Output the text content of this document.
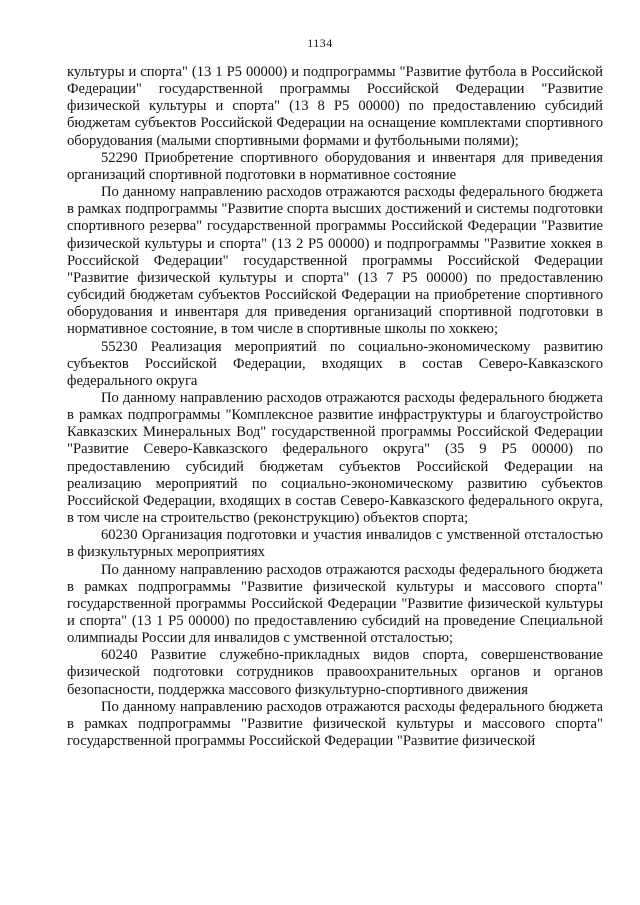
1134

культуры и спорта" (13 1 Р5 00000) и подпрограммы "Развитие футбола в Российской Федерации" государственной программы Российской Федерации "Развитие физической культуры и спорта" (13 8 Р5 00000) по предоставлению субсидий бюджетам субъектов Российской Федерации на оснащение комплектами спортивного оборудования (малыми спортивными формами и футбольными полями);

52290 Приобретение спортивного оборудования и инвентаря для приведения организаций спортивной подготовки в нормативное состояние

По данному направлению расходов отражаются расходы федерального бюджета в рамках подпрограммы "Развитие спорта высших достижений и системы подготовки спортивного резерва" государственной программы Российской Федерации "Развитие физической культуры и спорта" (13 2 Р5 00000) и подпрограммы "Развитие хоккея в Российской Федерации" государственной программы Российской Федерации "Развитие физической культуры и спорта" (13 7 Р5 00000) по предоставлению субсидий бюджетам субъектов Российской Федерации на приобретение спортивного оборудования и инвентаря для приведения организаций спортивной подготовки в нормативное состояние, в том числе в спортивные школы по хоккею;

55230 Реализация мероприятий по социально-экономическому развитию субъектов Российской Федерации, входящих в состав Северо-Кавказского федерального округа

По данному направлению расходов отражаются расходы федерального бюджета в рамках подпрограммы "Комплексное развитие инфраструктуры и благоустройство Кавказских Минеральных Вод" государственной программы Российской Федерации "Развитие Северо-Кавказского федерального округа" (35 9 Р5 00000) по предоставлению субсидий бюджетам субъектов Российской Федерации на реализацию мероприятий по социально-экономическому развитию субъектов Российской Федерации, входящих в состав Северо-Кавказского федерального округа, в том числе на строительство (реконструкцию) объектов спорта;

60230 Организация подготовки и участия инвалидов с умственной отсталостью в физкультурных мероприятиях

По данному направлению расходов отражаются расходы федерального бюджета в рамках подпрограммы "Развитие физической культуры и массового спорта" государственной программы Российской Федерации "Развитие физической культуры и спорта" (13 1 Р5 00000) по предоставлению субсидий на проведение Специальной олимпиады России для инвалидов с умственной отсталостью;

60240 Развитие служебно-прикладных видов спорта, совершенствование физической подготовки сотрудников правоохранительных органов и органов безопасности, поддержка массового физкультурно-спортивного движения

По данному направлению расходов отражаются расходы федерального бюджета в рамках подпрограммы "Развитие физической культуры и массового спорта" государственной программы Российской Федерации "Развитие физической
